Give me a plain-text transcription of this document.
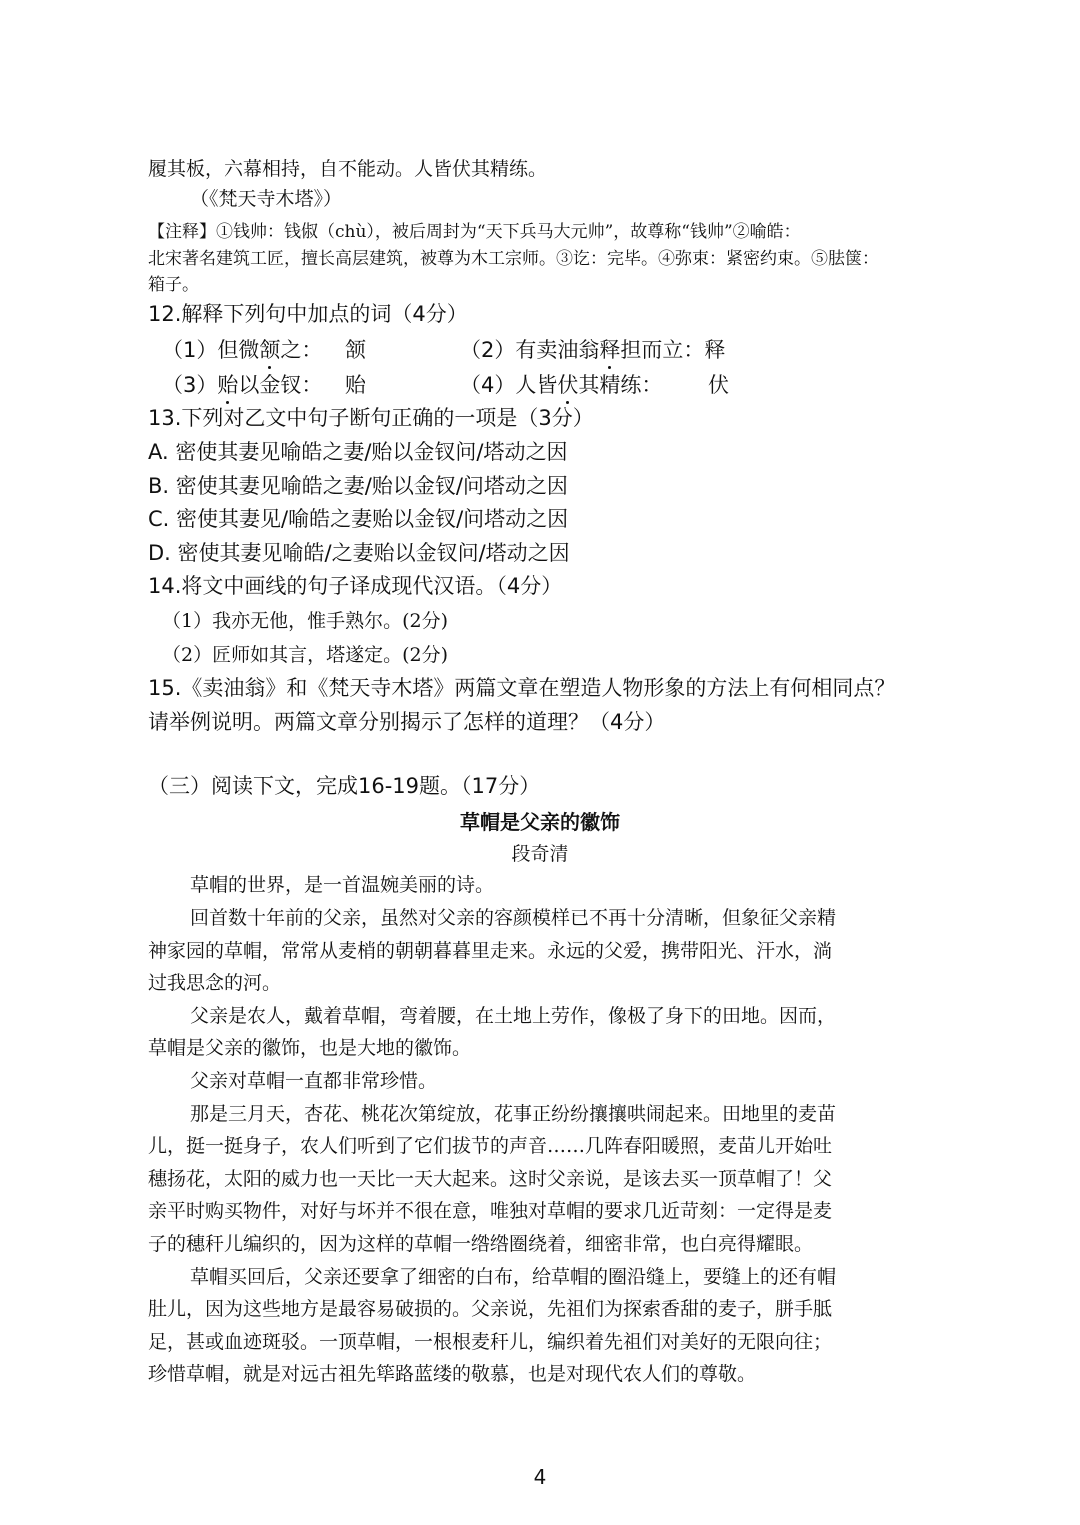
履其板，六幕相持，自不能动。人皆伏其精练。
（《梵天寺木塔》）
【注释】①钱帅：钱俶（chù），被后周封为“天下兵马大元帅”，故尊称“钱帅”②喻皓：
北宋著名建筑工匠，擅长高层建筑，被尊为木工宗师。③讫：完毕。④弥束：紧密约束。⑤胠箧：
箱子。
12.解释下列句中加点的词（4分）
（1）但微颔之： 颔	（2）有卖油翁释担而立：释
（3）贻以金钗： 贻	（4）人皆伏其精练： 伏
13.下列对乙文中句子断句正确的一项是（3分）
A. 密使其妻见喻皓之妻/贻以金钗问/塔动之因
B. 密使其妻见喻皓之妻/贻以金钗/问塔动之因
C. 密使其妻见/喻皓之妻贻以金钗/问塔动之因
D. 密使其妻见喻皓/之妻贻以金钗问/塔动之因
14.将文中画线的句子译成现代汉语。（4分）
（1）我亦无他，惟手熟尔。(2分)
（2）匠师如其言，塔遂定。(2分)
15.《卖油翁》和《梵天寺木塔》两篇文章在塑造人物形象的方法上有何相同点？
请举例说明。两篇文章分别揭示了怎样的道理？（4分）
（三）阅读下文，完成16-19题。（17分）
草帽是父亲的徽饰
段奇清
草帽的世界，是一首温婉美丽的诗。
回首数十年前的父亲，虽然对父亲的容颜模样已不再十分清晰，但象征父亲精
神家园的草帽，常常从麦梢的朝朝暮暮里走来。永远的父爱，携带阳光、汗水，淌
过我思念的河。
父亲是农人，戴着草帽，弯着腰，在土地上劳作，像极了身下的田地。因而，
草帽是父亲的徽饰，也是大地的徽饰。
父亲对草帽一直都非常珍惜。
那是三月天，杏花、桃花次第绽放，花事正纷纷攘攘哄闹起来。田地里的麦苗
儿，挺一挺身子，农人们听到了它们拔节的声音……几阵春阳暖照，麦苗儿开始吐
穗扬花，太阳的威力也一天比一天大起来。这时父亲说，是该去买一顶草帽了！父
亲平时购买物件，对好与坏并不很在意，唯独对草帽的要求几近苛刻：一定得是麦
子的穗秆儿编织的，因为这样的草帽一绺绺圈绕着，细密非常，也白亮得耀眼。
草帽买回后，父亲还要拿了细密的白布，给草帽的圈沿缝上，要缝上的还有帽
肚儿，因为这些地方是最容易破损的。父亲说，先祖们为探索香甜的麦子，胼手胝
足，甚或血迹斑驳。一顶草帽，一根根麦秆儿，编织着先祖们对美好的无限向往；
珍惜草帽，就是对远古祖先筚路蓝缕的敬慕，也是对现代农人们的尊敬。
4
